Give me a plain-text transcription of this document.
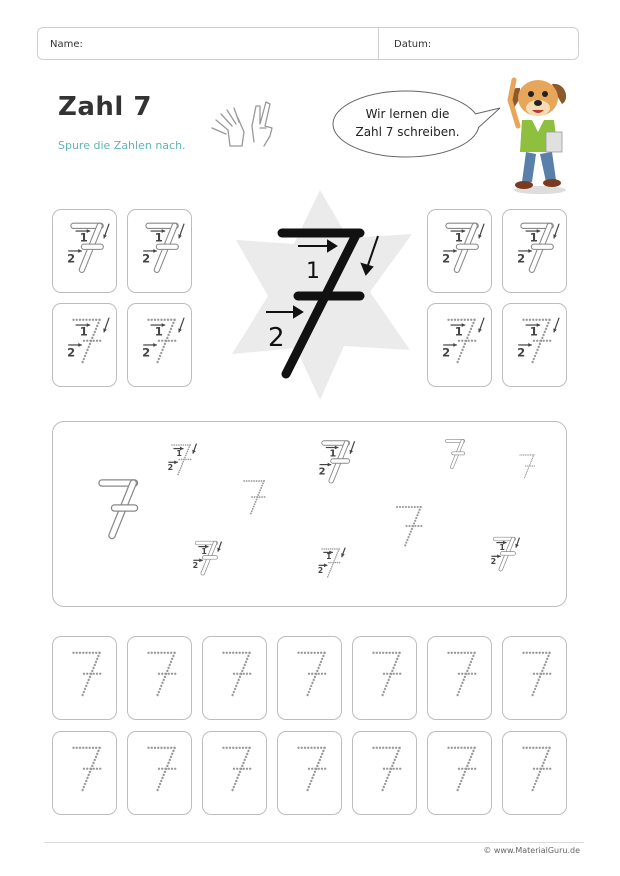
Name:	Datum:
Zahl 7
Spure die Zahlen nach.
Wir lernen die
Zahl 7 schreiben.
1
2
1
2
1
2
1
2
1
2
1
2
1
2
1
2
1
2
1
2
1
2
1
2
1
2
1
2
© www.MaterialGuru.de
